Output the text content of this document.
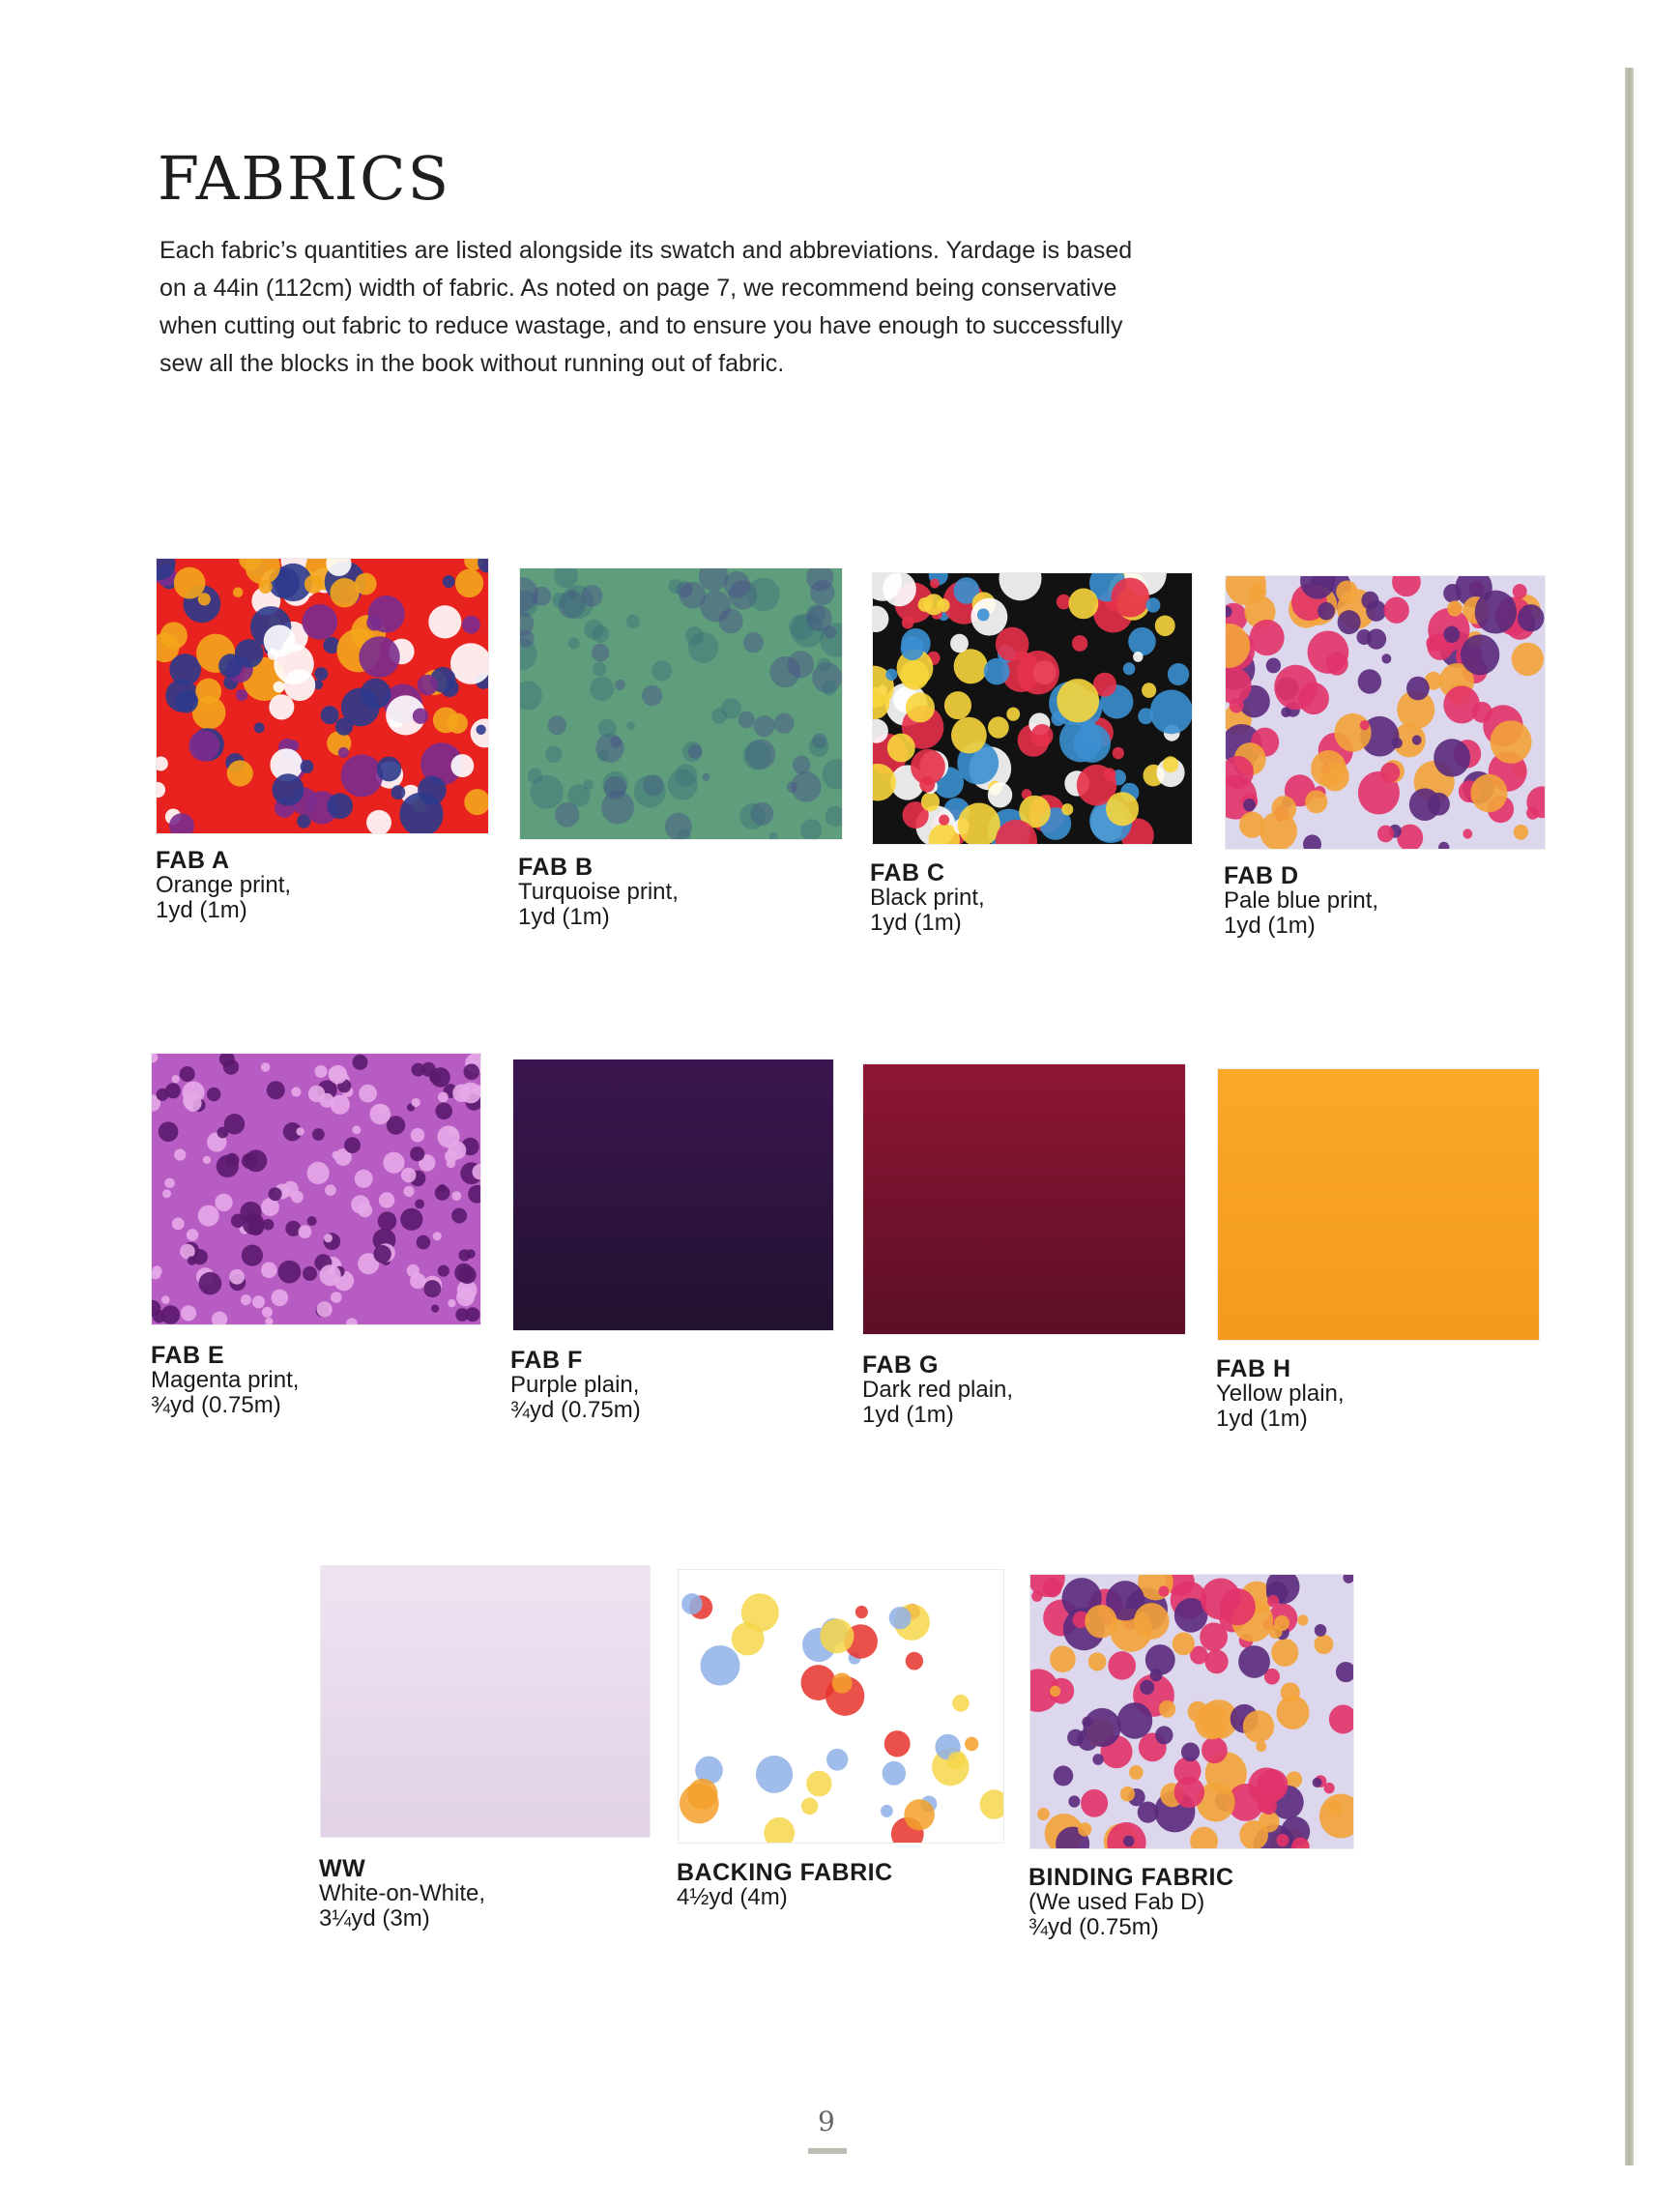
FABRICS

Each fabric’s quantities are listed alongside its swatch and abbreviations. Yardage is based on a 44in (112cm) width of fabric. As noted on page 7, we recommend being conservative when cutting out fabric to reduce wastage, and to ensure you have enough to successfully sew all the blocks in the book without running out of fabric.

FAB A
Orange print,
1yd (1m)
FAB B
Turquoise print,
1yd (1m)
FAB C
Black print,
1yd (1m)
FAB D
Pale blue print,
1yd (1m)
FAB E
Magenta print,
¾yd (0.75m)
FAB F
Purple plain,
¾yd (0.75m)
FAB G
Dark red plain,
1yd (1m)
FAB H
Yellow plain,
1yd (1m)
WW
White-on-White,
3¼yd (3m)
BACKING FABRIC
4½yd (4m)
BINDING FABRIC
(We used Fab D)
¾yd (0.75m)
9
